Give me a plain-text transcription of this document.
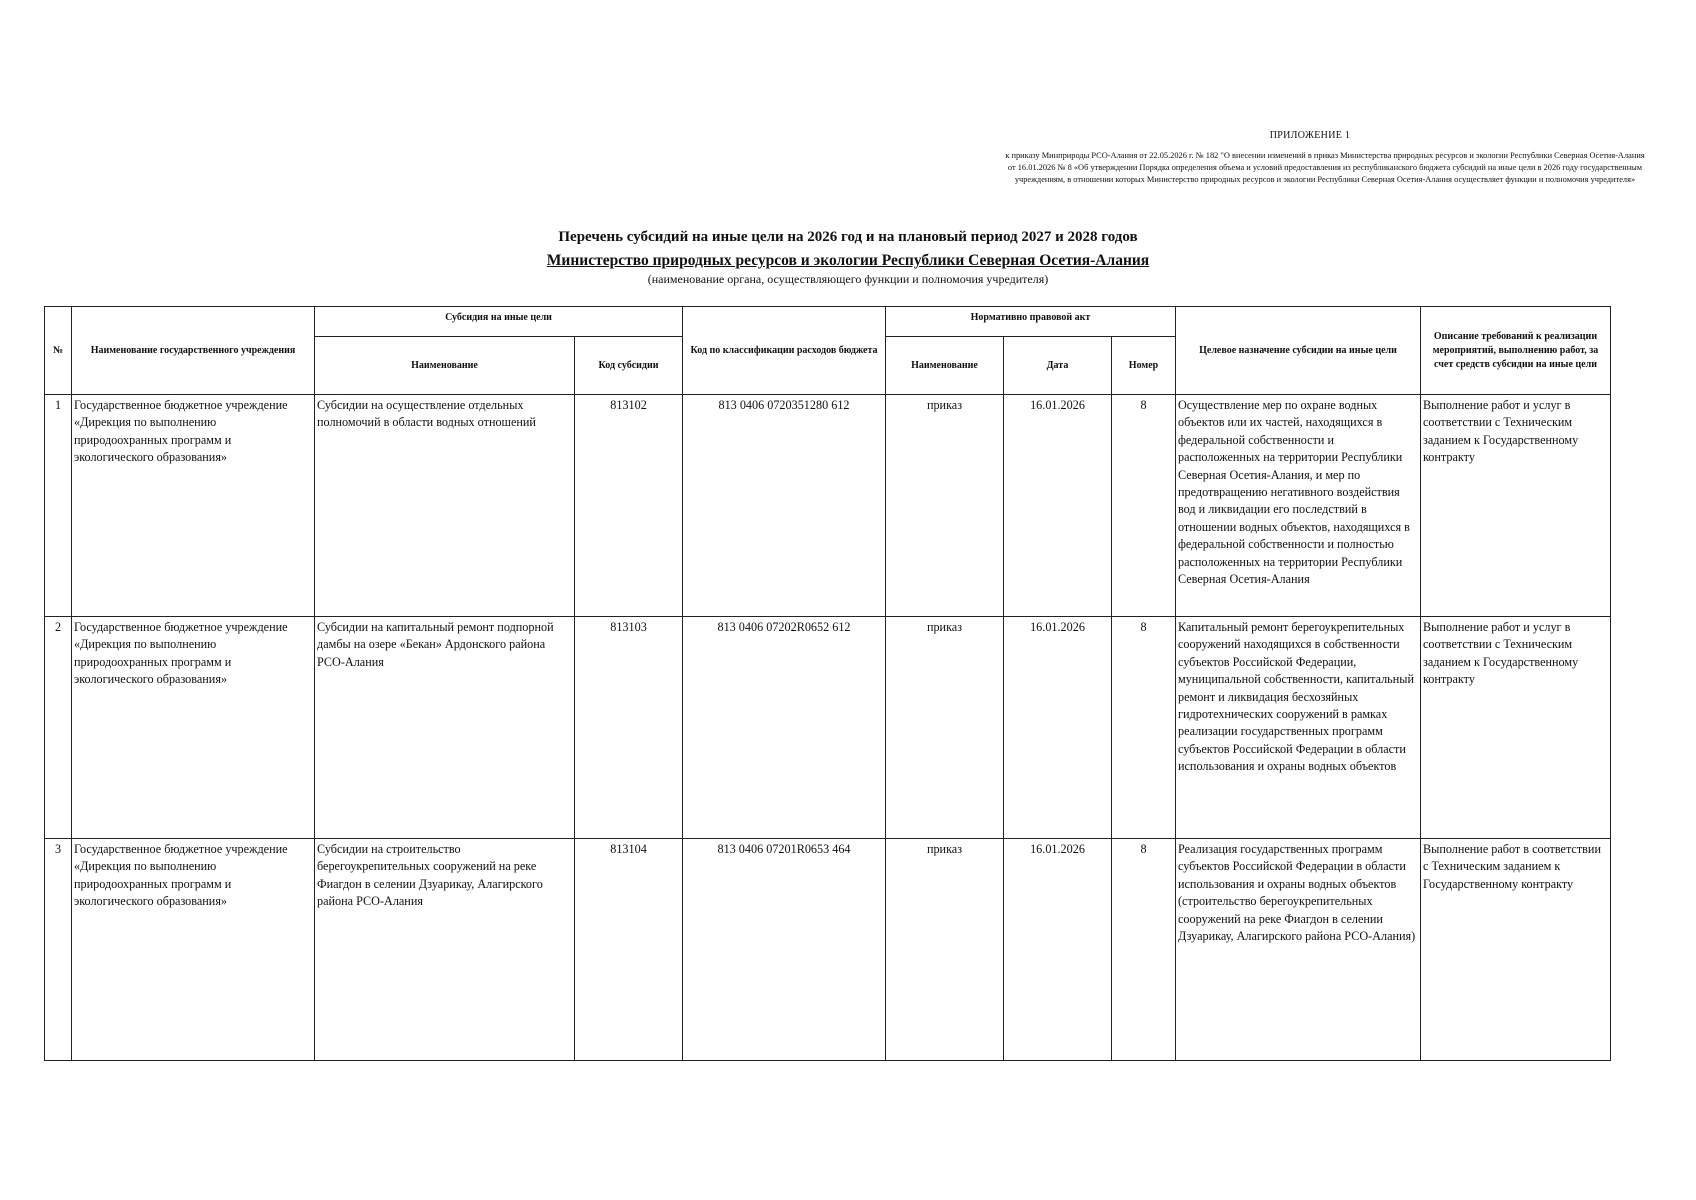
ПРИЛОЖЕНИЕ 1
к приказу Минприроды РСО-Алания от 22.05.2026 г. № 182 "О внесении изменений в приказ Министерства природных ресурсов и экологии Республики Северная Осетия-Алания от 16.01.2026 № 8 «Об утверждении Порядка определения объема и условий предоставления из республиканского бюджета субсидий на иные цели в 2026 году государственным учреждениям, в отношении которых Министерство природных ресурсов и экологии Республики Северная Осетия-Алания осуществляет функции и полномочия учредителя»
Перечень субсидий на иные цели на 2026 год и на плановый период 2027 и 2028 годов
Министерство природных ресурсов и экологии Республики Северная Осетия-Алания
(наименование органа, осуществляющего функции и полномочия учредителя)
№	Наименование государственного учреждения	Субсидия на иные цели		Код по классификации расходов бюджета	Нормативно правовой акт			Целевое назначение субсидии на иные цели	Описание требований к реализации мероприятий, выполнению работ, за счет средств субсидии на иные цели
		Наименование	Код субсидии		Наименование	Дата	Номер		
1	Государственное бюджетное учреждение «Дирекция по выполнению природоохранных программ и экологического образования»	Субсидии на осуществление отдельных полномочий в области водных отношений	813102	813 0406 0720351280 612	приказ	16.01.2026	8	Осуществление мер по охране водных объектов или их частей, находящихся в федеральной собственности и расположенных на территории Республики Северная Осетия-Алания, и мер по предотвращению негативного воздействия вод и ликвидации его последствий в отношении водных объектов, находящихся в федеральной собственности и полностью расположенных на территории Республики Северная Осетия-Алания	Выполнение работ и услуг в соответствии с Техническим заданием к Государственному контракту
2	Государственное бюджетное учреждение «Дирекция по выполнению природоохранных программ и экологического образования»	Субсидии на капитальный ремонт подпорной дамбы на озере «Бекан» Ардонского района РСО-Алания	813103	813 0406 07202R0652 612	приказ	16.01.2026	8	Капитальный ремонт берегоукрепительных сооружений находящихся в собственности субъектов Российской Федерации, муниципальной собственности, капитальный ремонт и ликвидация бесхозяйных гидротехнических сооружений в рамках реализации государственных программ субъектов Российской Федерации в области использования и охраны водных объектов	Выполнение работ и услуг в соответствии с Техническим заданием к Государственному контракту
3	Государственное бюджетное учреждение «Дирекция по выполнению природоохранных программ и экологического образования»	Субсидии на строительство берегоукрепительных сооружений на реке Фиагдон в селении Дзуарикау, Алагирского района РСО-Алания	813104	813 0406 07201R0653 464	приказ	16.01.2026	8	Реализация государственных программ субъектов Российской Федерации в области использования и охраны водных объектов (строительство берегоукрепительных сооружений на реке Фиагдон в селении Дзуарикау, Алагирского района РСО-Алания)	Выполнение работ в соответствии с Техническим заданием к Государственному контракту
